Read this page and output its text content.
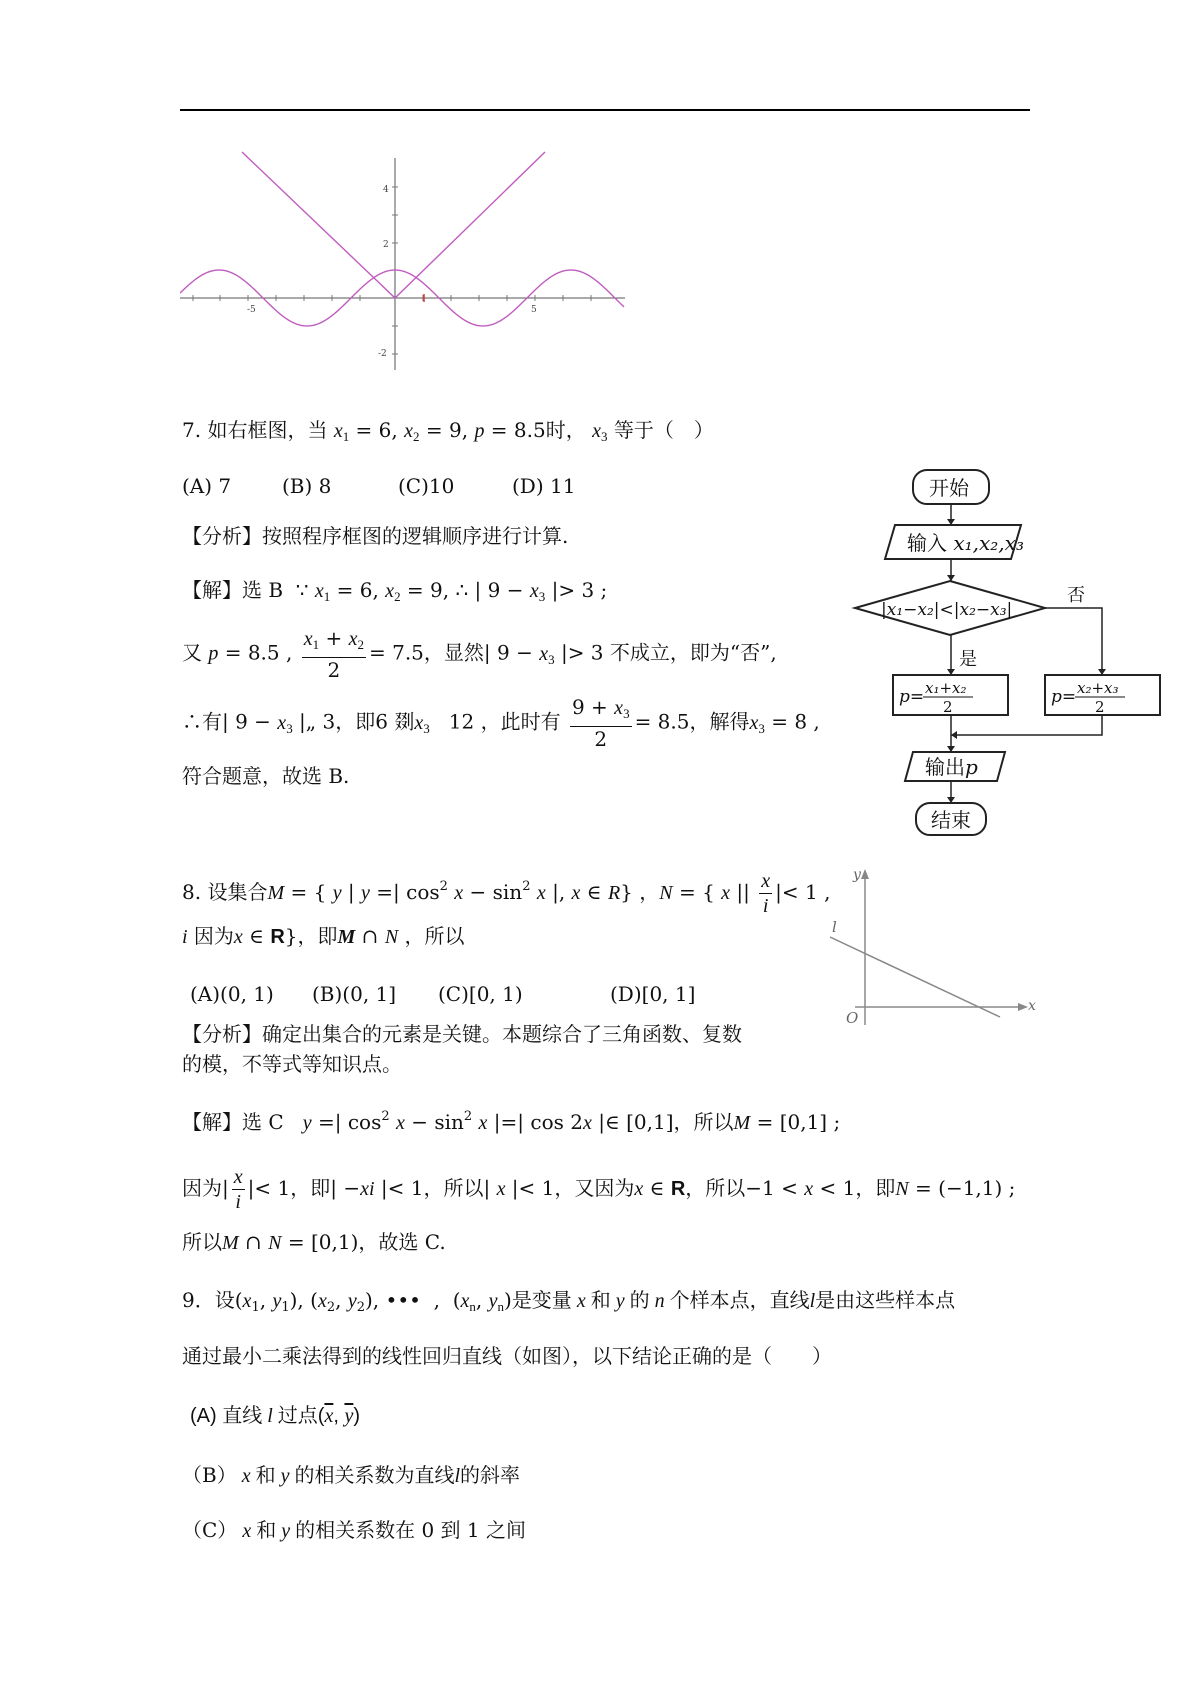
4
2
-2
-5	5
7. 如右框图，当 $x_1 = 6$, $x_2 = 9$, p = 8.5时， $x_3$ 等于（　）
(A) 7	(B) 8	(C)10	(D) 11
【分析】按照程序框图的逻辑顺序进行计算.
【解】选 B  ∵ $x_1 = 6$, $x_2 = 9$, ∴ | $9 - x_3$ |> 3 ;
又 p = 8.5 , $\frac{x_1 + x_2}{2} = 7.5$，显然| $9 - x_3$ |> 3 不成立，即为“否”,
∴有| $9 - x_3$ |„ 3，即6 剟$x_3$   12 ，此时有 $\frac{9 + x_3}{2} = 8.5$，解得$x_3 = 8$ ,
符合题意，故选 B.
开始
输入 x₁,x₂,x₃
|x₁−x₂|<|x₂−x₃|
否
是
p= x₁+x₂
2	p= x₂+x₃
2
输出p
结束
8. 设集合M = { y | y =| $\cos^2 x - \sin^2 x$ |, x ∈ R} ，N = { x || $\frac{x}{i}$ |< 1 ,
i 因为x ∈ R}，即M ∩ N ，所以
(A)(0, 1) (B)(0, 1] (C)[0, 1)	(D)[0, 1]
【分析】确定出集合的元素是关键。本题综合了三角函数、复数
的模，不等式等知识点。
【解】选 C y =| $\cos^2 x - \sin^2 x$ |=| cos 2x |∈ [0,1]，所以M = [0,1] ;
因为| $\frac{x}{i}$ |< 1，即| −xi |< 1，所以| x |< 1，又因为x ∈ R，所以−1 < x < 1，即N = (−1,1) ;
所以M ∩ N = [0,1)，故选 C.
y
x
l
O
9．设($x_1$, $y_1$), ($x_2$, $y_2$), •••  ,  ($x_n$, $y_n$)是变量 x 和 y 的 n 个样本点，直线l是由这些样本点
通过最小二乘法得到的线性回归直线（如图），以下结论正确的是（　　）
(A) 直线 l 过点($\overline{x}$, $\overline{y}$)
（B） x 和 y 的相关系数为直线l的斜率
（C） x 和 y 的相关系数在 0 到 1 之间
